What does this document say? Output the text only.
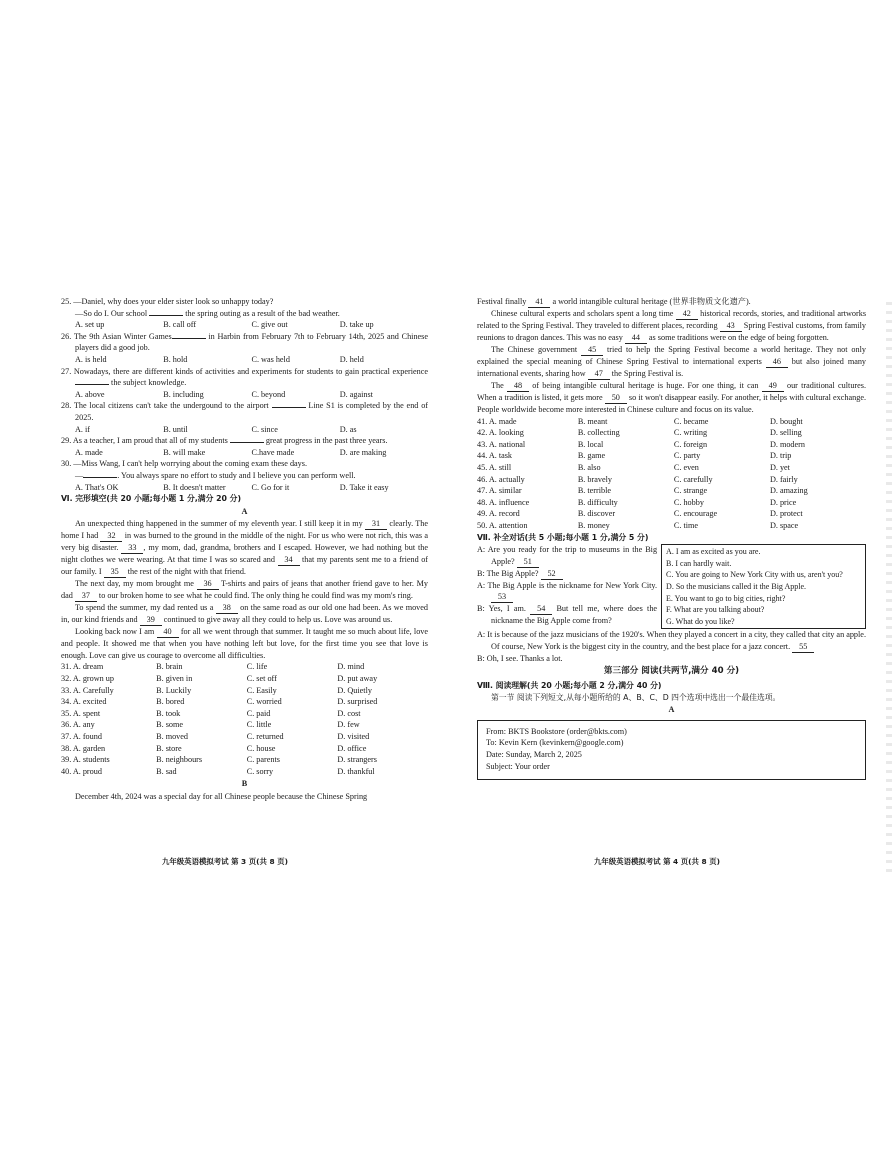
25. —Daniel, why does your elder sister look so unhappy today?

—So do I. Our school	the spring outing as a result of the bad weather.

A. set up	B. call off	C. give out	D. take up

26. The 9th Asian Winter Games	in Harbin from February 7th to February 14th, 2025 and Chinese players did a good job.

A. is held	B. hold	C. was held	D. held

27. Nowadays, there are different kinds of activities and experiments for students to gain practical experience  the subject knowledge.

A. above	B. including	C. beyond	D. against

28. The local citizens can't take the undergound to the airport	Line S1 is completed by the end of 2025.

A. if	B. until	C. since	D. as

29. As a teacher, I am proud that all of my students	great progress in the past three years.

A. made	B. will make	C.have made	D. are making

30. —Miss Wang, I can't help worrying about the coming exam these days.

—	. You always spare no effort to study and I believe you can perform well.

A. That's OK	B. It doesn't matter	C. Go for it	D. Take it easy

Ⅵ. 完形填空(共 20 小题;每小题 1 分,满分 20 分)

A

An unexpected thing happened in the summer of my eleventh year. I still keep it in my 31 clearly. The home I had 32 in was burned to the ground in the middle of the night. For us who were not rich, this was a very big disaster. 33 , my mom, dad, grandma, brothers and I escaped. However, we had nothing but the night clothes we were wearing. At that time I was so scared and 34 that my parents sent me to a friend of our family. I 35 the rest of the night with that friend.

The next day, my mom brought me 36 T-shirts and pairs of jeans that another friend gave to her. My dad 37 to our broken home to see what he could find. The only thing he could find was my mom's ring.

To spend the summer, my dad rented us a 38 on the same road as our old one had been. As we moved in, our kind friends and 39 continued to give away all they could to help us. Love was around us.

Looking back now I am 40 for all we went through that summer. It taught me so much about life, love and people. It showed me that when you have nothing left but love, for the first time you see that love is enough. Love can give us courage to overcome all difficulties.

31. A. dream	B. brain	C. life	D. mind
32. A. grown up	B. given in	C. set off	D. put away
33. A. Carefully	B. Luckily	C. Easily	D. Quietly
34. A. excited	B. bored	C. worried	D. surprised
35. A. spent	B. took	C. paid	D. cost
36. A. any	B. some	C. little	D. few
37. A. found	B. moved	C. returned	D. visited
38. A. garden	B. store	C. house	D. office
39. A. students	B. neighbours	C. parents	D. strangers
40. A. proud	B. sad	C. sorry	D. thankful

B

December 4th, 2024 was a special day for all Chinese people because the Chinese Spring

九年级英语模拟考试 第 3 页(共 8 页)

Festival finally 41 a world intangible cultural heritage (世界非物质文化遗产).

Chinese cultural experts and scholars spent a long time 42 historical records, stories, and traditional artworks related to the Spring Festival. They traveled to different places, recording 43 Spring Festival customs, from family reunions to dragon dances. This was no easy 44 as some traditions were on the edge of being forgotten.

The Chinese government 45 tried to help the Spring Festival become a world heritage. They not only explained the special meaning of Chinese Spring Festival to international experts 46 but also joined many international events, sharing how 47 the Spring Festival is.

The 48 of being intangible cultural heritage is huge. For one thing, it can 49 our traditional cultures. When a tradition is listed, it gets more 50 so it won't disappear easily. For another, it helps with cultural exchange. People worldwide become more interested in Chinese culture and focus on its value.

41. A. made	B. meant	C. became	D. bought
42. A. looking	B. collecting	C. writing	D. selling
43. A. national	B. local	C. foreign	D. modern
44. A. task	B. game	C. party	D. trip
45. A. still	B. also	C. even	D. yet
46. A. actually	B. bravely	C. carefully	D. fairly
47. A. similar	B. terrible	C. strange	D. amazing
48. A. influence	B. difficulty	C. hobby	D. price
49. A. record	B. discover	C. encourage	D. protect
50. A. attention	B. money	C. time	D. space

Ⅶ. 补全对话(共 5 小题;每小题 1 分,满分 5 分)

A: Are you ready for the trip to museums in the Big Apple? 51

B: The Big Apple? 52

A: The Big Apple is the nickname for New York City. 53

B: Yes, I am. 54 But tell me, where does the nickname the Big Apple come from?

A. I am as excited as you are.
B. I can hardly wait.
C. You are going to New York City with us, aren't you?
D. So the musicians called it the Big Apple.
E. You want to go to big cities, right?
F. What are you talking about?
G. What do you like?

A: It is because of the jazz musicians of the 1920's. When they played a concert in a city, they called that city an apple. Of course, New York is the biggest city in the country, and the best place for a jazz concert. 55

B: Oh, I see. Thanks a lot.

第三部分 阅读(共两节,满分 40 分)

Ⅷ. 阅读理解(共 20 小题;每小题 2 分,满分 40 分)

第一节 阅读下列短文,从每小题所给的 A、B、C、D 四个选项中选出一个最佳选项。

A

From: BKTS Bookstore (order@bkts.com)
To: Kevin Kern (kevinkern@google.com)
Date: Sunday, March 2, 2025
Subject: Your order
九年级英语模拟考试 第 4 页(共 8 页)
